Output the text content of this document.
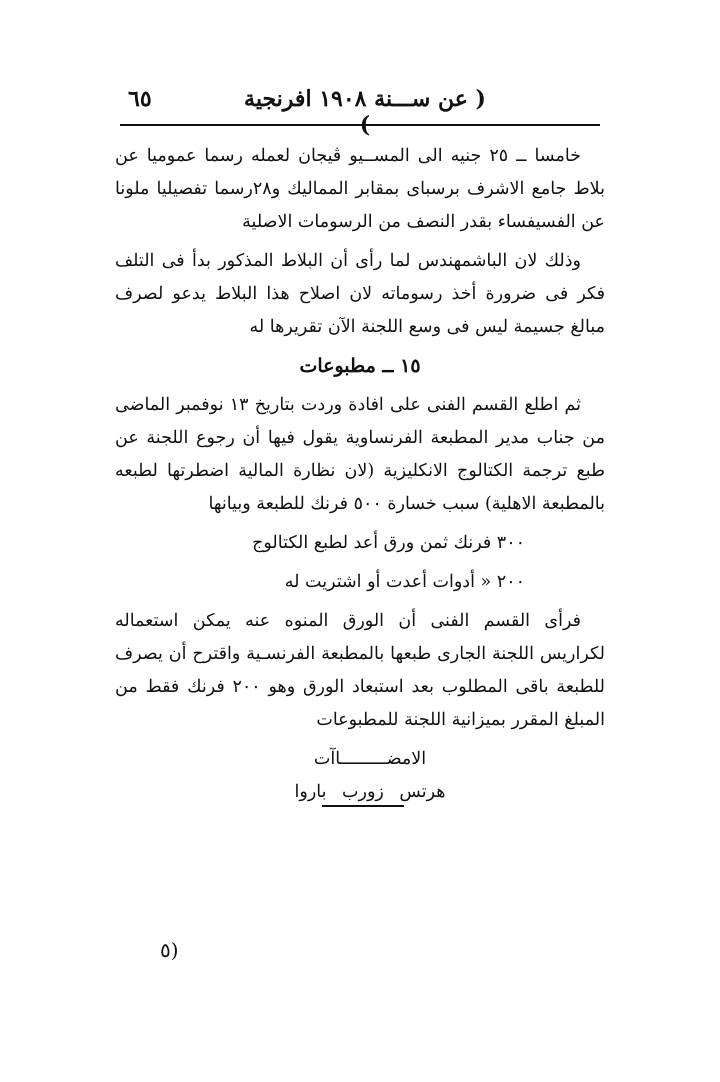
( عن ســـنة ١٩٠٨ افرنجية
٦٥

خامسا ــ ٢٥ جنيه الى المســيو ڤيجان لعمله رسما عموميا عن بلاط جامع الاشرف برسباى بمقابر المماليك و٢٨رسما تفصيليا ملونا عن الفسيفساء بقدر النصف من الرسومات الاصلية

وذلك لان الباشمهندس لما رأى أن البلاط المذكور بدأ فى التلف فكر فى ضرورة أخذ رسوماته لان اصلاح هذا البلاط يدعو لصرف مبالغ جسيمة ليس فى وسع اللجنة الآن تقريرها له

١٥ ــ مطبوعات

ثم اطلع القسم الفنى على افادة وردت بتاريخ ١٣ نوفمبر الماضى من جناب مدير المطبعة الفرنساوية يقول فيها أن رجوع اللجنة عن طبع ترجمة الكتالوج الانكليزية (لان نظارة المالية اضطرتها لطبعه بالمطبعة الاهلية) سبب خسارة ٥٠٠ فرنك للطبعة وبيانها

٣٠٠ فرنك ثمن ورق أعد لطبع الكتالوج
٢٠٠ « أدوات أعدت أو اشتريت له

فرأى القسم الفنى أن الورق المنوه عنه يمكن استعماله لكراريس اللجنة الجارى طبعها بالمطبعة الفرنسـية واقترح أن يصرف للطبعة باقى المطلوب بعد استبعاد الورق وهو ٢٠٠ فرنك فقط من المبلغ المقرر بميزانية اللجنة للمطبوعات

الامضـــــــــاآت
هرتس زورب باروا
(٥
